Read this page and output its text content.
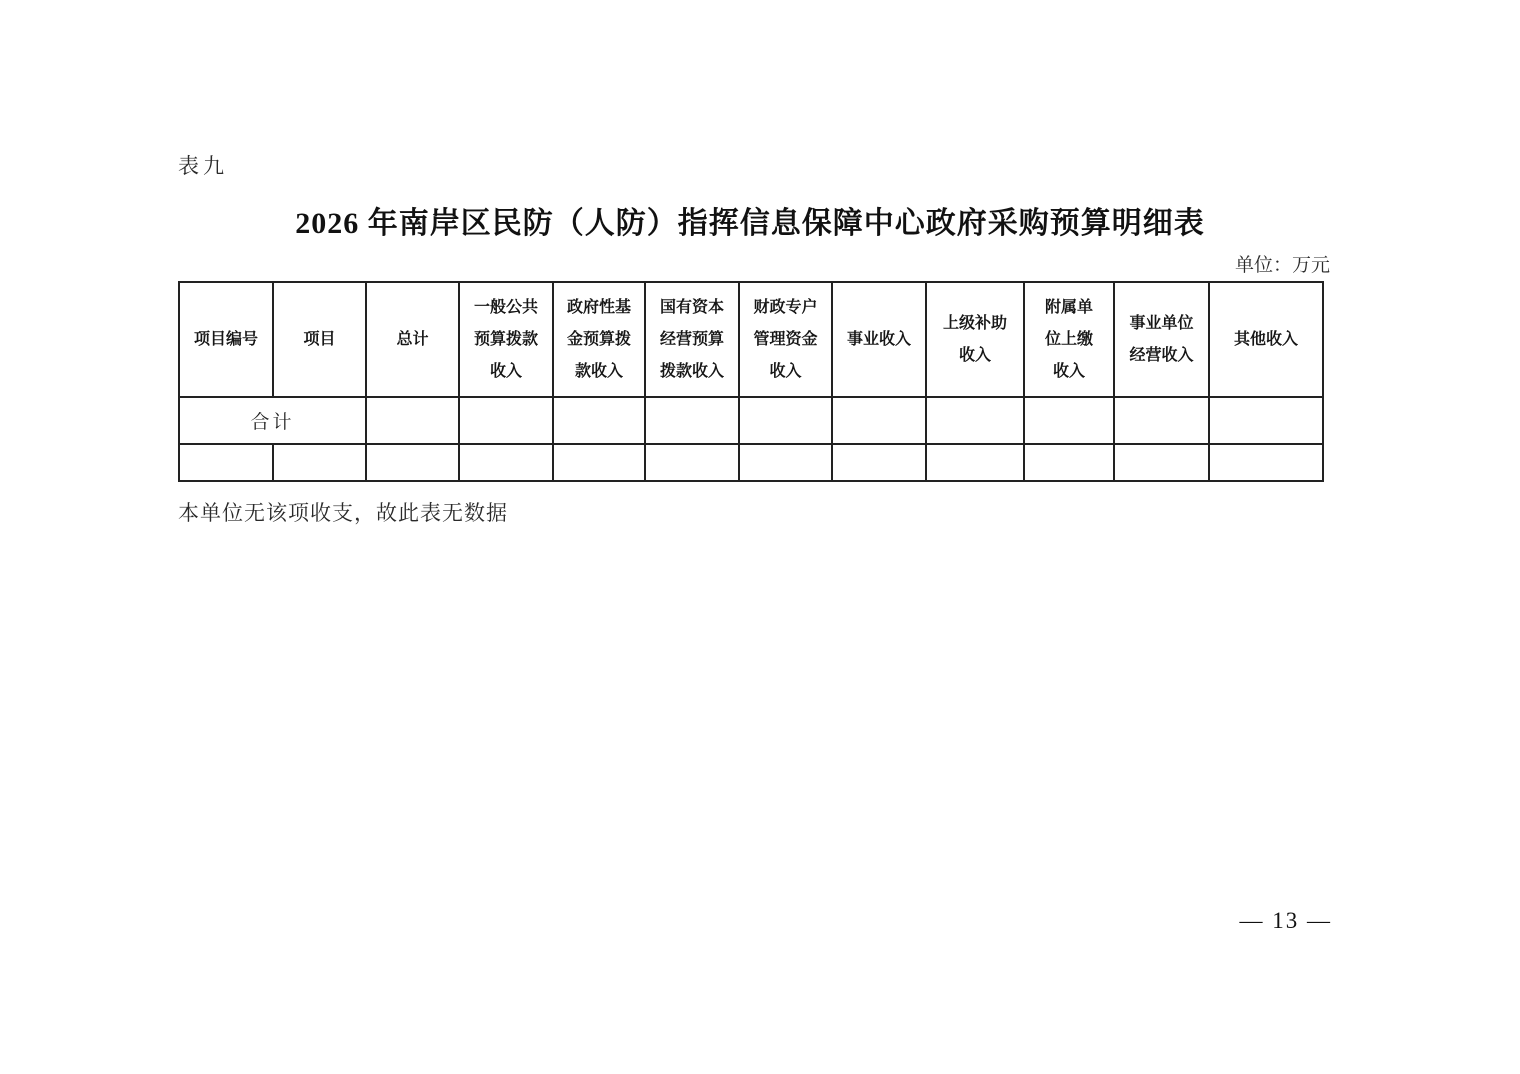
表九
2026 年南岸区民防（人防）指挥信息保障中心政府采购预算明细表
单位：万元
项目编号	项目	总计	一般公共预算拨款收入	政府性基金预算拨款收入	国有资本经营预算拨款收入	财政专户管理资金收入	事业收入	上级补助收入	附属单位上缴收入	事业单位经营收入	其他收入
合计											

本单位无该项收支，故此表无数据
— 13 —
